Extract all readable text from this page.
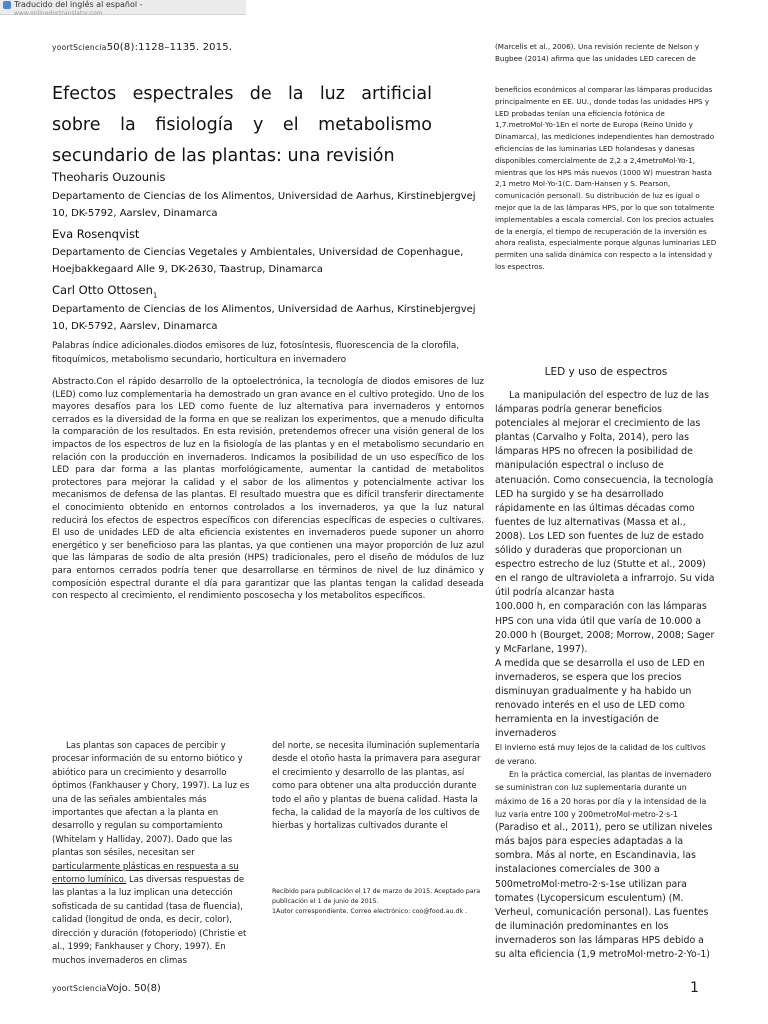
Traducido del inglés al español -
www.onlinedoctranslator.com
yoortSciencia50(8):1128–1135. 2015.
Efectos espectrales de la luz artificial sobre la fisiología y el metabolismo secundario de las plantas: una revisión
Theoharis Ouzounis
Departamento de Ciencias de los Alimentos, Universidad de Aarhus, Kirstinebjergvej 10, DK-5792, Aarslev, Dinamarca
Eva Rosenqvist
Departamento de Ciencias Vegetales y Ambientales, Universidad de Copenhague, Hoejbakkegaard Alle 9, DK-2630, Taastrup, Dinamarca
Carl Otto Ottosen$_1$
Departamento de Ciencias de los Alimentos, Universidad de Aarhus, Kirstinebjergvej 10, DK-5792, Aarslev, Dinamarca
Palabras índice adicionales.diodos emisores de luz, fotosíntesis, fluorescencia de la clorofila, fitoquímicos, metabolismo secundario, horticultura en invernadero
Abstracto.Con el rápido desarrollo de la optoelectrónica, la tecnología de diodos emisores de luz (LED) como luz complementaria ha demostrado un gran avance en el cultivo protegido. Uno de los mayores desafíos para los LED como fuente de luz alternativa para invernaderos y entornos cerrados es la diversidad de la forma en que se realizan los experimentos, que a menudo dificulta la comparación de los resultados. En esta revisión, pretendemos ofrecer una visión general de los impactos de los espectros de luz en la fisiología de las plantas y en el metabolismo secundario en relación con la producción en invernaderos. Indicamos la posibilidad de un uso específico de los LED para dar forma a las plantas morfológicamente, aumentar la cantidad de metabolitos protectores para mejorar la calidad y el sabor de los alimentos y potencialmente activar los mecanismos de defensa de las plantas. El resultado muestra que es difícil transferir directamente el conocimiento obtenido en entornos controlados a los invernaderos, ya que la luz natural reducirá los efectos de espectros específicos con diferencias específicas de especies o cultivares. El uso de unidades LED de alta eficiencia existentes en invernaderos puede suponer un ahorro energético y ser beneficioso para las plantas, ya que contienen una mayor proporción de luz azul que las lámparas de sodio de alta presión (HPS) tradicionales, pero el diseño de módulos de luz para entornos cerrados podría tener que desarrollarse en términos de nivel de luz dinámico y composición espectral durante el día para garantizar que las plantas tengan la calidad deseada con respecto al crecimiento, el rendimiento poscosecha y los metabolitos específicos.

Las plantas son capaces de percibir y procesar información de su entorno biótico y abiótico para un crecimiento y desarrollo óptimos (Fankhauser y Chory, 1997). La luz es una de las señales ambientales más importantes que afectan a la planta en desarrollo y regulan su comportamiento (Whitelam y Halliday, 2007). Dado que las plantas son sésiles, necesitan ser particularmente plásticas en respuesta a su entorno lumínico. Las diversas respuestas de las plantas a la luz implican una detección sofisticada de su cantidad (tasa de fluencia), calidad (longitud de onda, es decir, color), dirección y duración (fotoperiodo) (Christie et al., 1999; Fankhauser y Chory, 1997). En muchos invernaderos en climas

del norte, se necesita iluminación suplementaria desde el otoño hasta la primavera para asegurar el crecimiento y desarrollo de las plantas, así como para obtener una alta producción durante todo el año y plantas de buena calidad. Hasta la fecha, la calidad de la mayoría de los cultivos de hierbas y hortalizas cultivados durante el
Recibido para publicación el 17 de marzo de 2015. Aceptado para publicación el 1 de junio de 2015.
1Autor correspondiente. Correo electrónico: coo@food.au.dk .
(Marcelis et al., 2006). Una revisión reciente de Nelson y Bugbee (2014) afirma que las unidades LED carecen de
beneficios económicos al comparar las lámparas producidas principalmente en EE. UU., donde todas las unidades HPS y LED probadas tenían una eficiencia fotónica de 1,7.metroMol·Yo-1En el norte de Europa (Reino Unido y Dinamarca), las mediciones independientes han demostrado eficiencias de las luminarias LED holandesas y danesas disponibles comercialmente de 2,2 a 2,4metroMol·Yo-1, mientras que los HPS más nuevos (1000 W) muestran hasta 2,1 metro Mol·Yo-1(C. Dam-Hansen y S. Pearson, comunicación personal). Su distribución de luz es igual o mejor que la de las lámparas HPS, por lo que son totalmente implementables a escala comercial. Con los precios actuales de la energía, el tiempo de recuperación de la inversión es ahora realista, especialmente porque algunas luminarias LED permiten una salida dinámica con respecto a la intensidad y los espectros.
LED y uso de espectros

La manipulación del espectro de luz de las lámparas podría generar beneficios potenciales al mejorar el crecimiento de las plantas (Carvalho y Folta, 2014), pero las lámparas HPS no ofrecen la posibilidad de manipulación espectral o incluso de atenuación. Como consecuencia, la tecnología LED ha surgido y se ha desarrollado rápidamente en las últimas décadas como fuentes de luz alternativas (Massa et al., 2008). Los LED son fuentes de luz de estado sólido y duraderas que proporcionan un espectro estrecho de luz (Stutte et al., 2009) en el rango de ultravioleta a infrarrojo. Su vida útil podría alcanzar hasta

100.000 h, en comparación con las lámparas HPS con una vida útil que varía de 10.000 a 20.000 h (Bourget, 2008; Morrow, 2008; Sager y McFarlane, 1997).

A medida que se desarrolla el uso de LED en invernaderos, se espera que los precios disminuyan gradualmente y ha habido un renovado interés en el uso de LED como herramienta en la investigación de invernaderos

El invierno está muy lejos de la calidad de los cultivos de verano.

En la práctica comercial, las plantas de invernadero se suministran con luz suplementaria durante un máximo de 16 a 20 horas por día y la intensidad de la luz varía entre 100 y 200metroMol·metro-2·s-1

(Paradiso et al., 2011), pero se utilizan niveles más bajos para especies adaptadas a la sombra. Más al norte, en Escandinavia, las instalaciones comerciales de 300 a 500metroMol·metro-2·s-1se utilizan para tomates (Lycopersicum esculentum) (M. Verheul, comunicación personal). Las fuentes de iluminación predominantes en los invernaderos son las lámparas HPS debido a su alta eficiencia (1,9 metroMol·metro-2·Yo-1)

yoortScienciaVojo. 50(8)	1
